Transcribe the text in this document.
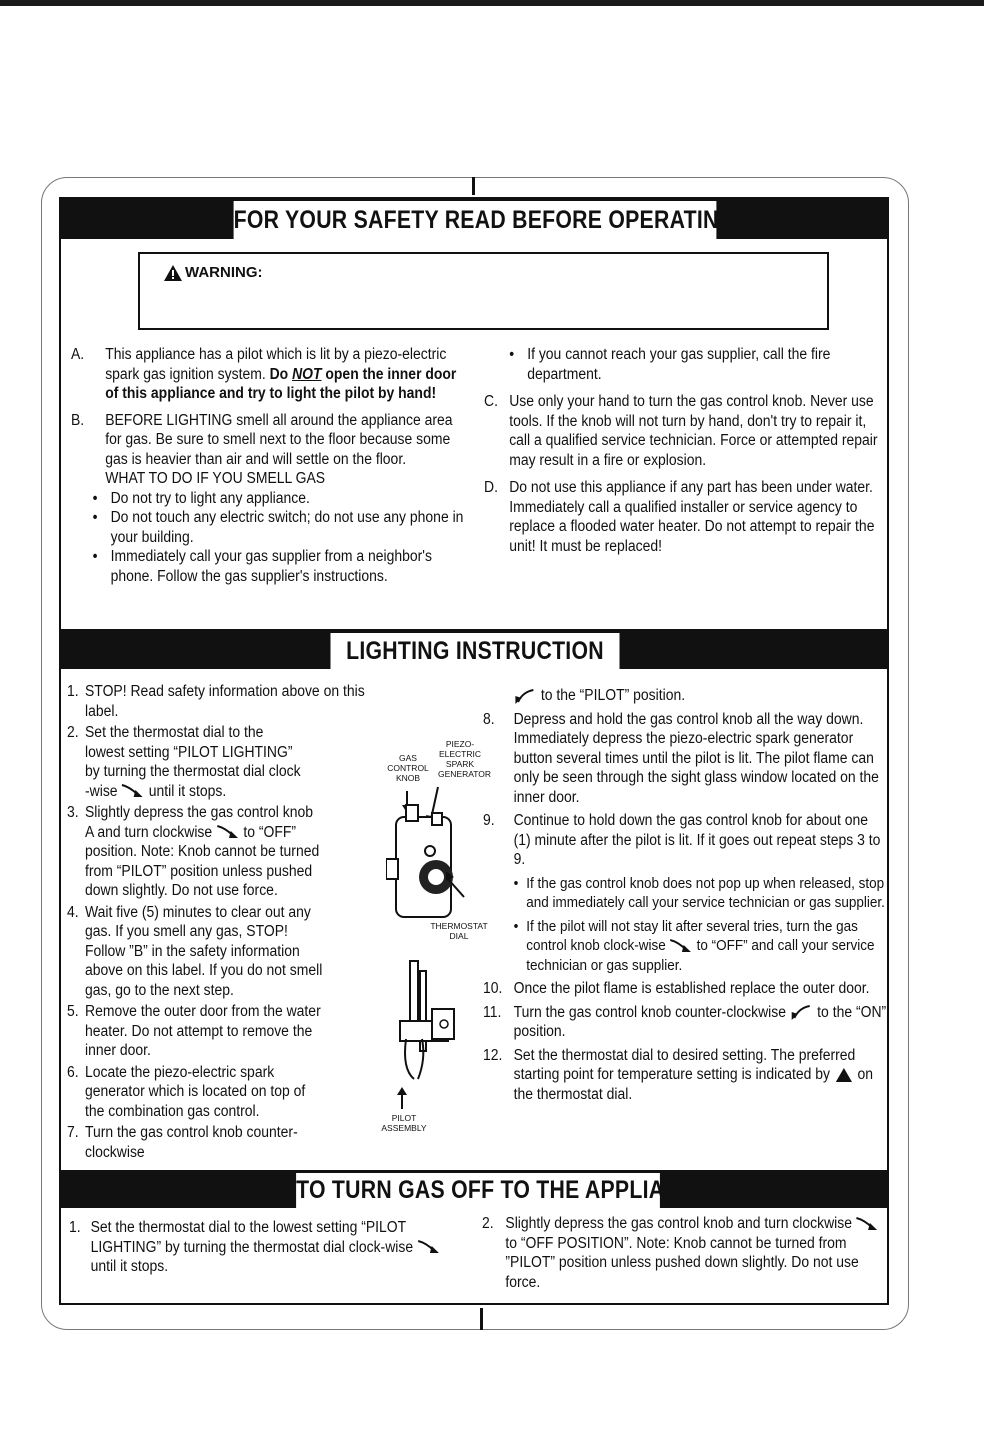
FOR YOUR SAFETY READ BEFORE OPERATING
WARNING:
A. This appliance has a pilot which is lit by a piezo-electric spark gas ignition system. Do NOT open the inner door of this appliance and try to light the pilot by hand!
B. BEFORE LIGHTING smell all around the appliance area for gas. Be sure to smell next to the floor because some gas is heavier than air and will settle on the floor.
WHAT TO DO IF YOU SMELL GAS
• Do not try to light any appliance.
• Do not touch any electric switch; do not use any phone in your building.
• Immediately call your gas supplier from a neighbor's phone. Follow the gas supplier's instructions.
• If you cannot reach your gas supplier, call the fire department.
C. Use only your hand to turn the gas control knob. Never use tools. If the knob will not turn by hand, don't try to repair it, call a qualified service technician. Force or attempted repair may result in a fire or explosion.
D. Do not use this appliance if any part has been under water. Immediately call a qualified installer or service agency to replace a flooded water heater. Do not attempt to repair the unit! It must be replaced!
LIGHTING INSTRUCTION
1. STOP! Read safety information above on this label.
2. Set the thermostat dial to the lowest setting “PILOT LIGHTING” by turning the thermostat dial clock -wise until it stops.
3. Slightly depress the gas control knob A and turn clockwise to “OFF” position. Note: Knob cannot be turned from “PILOT” position unless pushed down slightly. Do not use force.
4. Wait five (5) minutes to clear out any gas. If you smell any gas, STOP! Follow ”B” in the safety information above on this label. If you do not smell gas, go to the next step.
5. Remove the outer door from the water heater. Do not attempt to remove the inner door.
6. Locate the piezo-electric spark generator which is located on top of the combination gas control.
7. Turn the gas control knob counter-clockwise
GAS CONTROL KNOB
PIEZO-ELECTRIC SPARK GENERATOR
THERMOSTAT DIAL
PILOT ASSEMBLY
to the “PILOT” position.
8. Depress and hold the gas control knob all the way down. Immediately depress the piezo-electric spark generator button several times until the pilot is lit. The pilot flame can only be seen through the sight glass window located on the inner door.
9. Continue to hold down the gas control knob for about one (1) minute after the pilot is lit. If it goes out repeat steps 3 to 9.
• If the gas control knob does not pop up when released, stop and immediately call your service technician or gas supplier.
• If the pilot will not stay lit after several tries, turn the gas control knob clock-wise to “OFF” and call your service technician or gas supplier.
10. Once the pilot flame is established replace the outer door.
11. Turn the gas control knob counter-clockwise to the “ON” position.
12. Set the thermostat dial to desired setting. The preferred starting point for temperature setting is indicated by on the thermostat dial.
TO TURN GAS OFF TO THE APPLIANCE
1. Set the thermostat dial to the lowest setting “PILOT LIGHTING” by turning the thermostat dial clock-wise  until it stops.
2. Slightly depress the gas control knob and turn clockwise  to “OFF POSITION”. Note: Knob cannot be turned from ”PILOT” position unless pushed down slightly. Do not use force.
